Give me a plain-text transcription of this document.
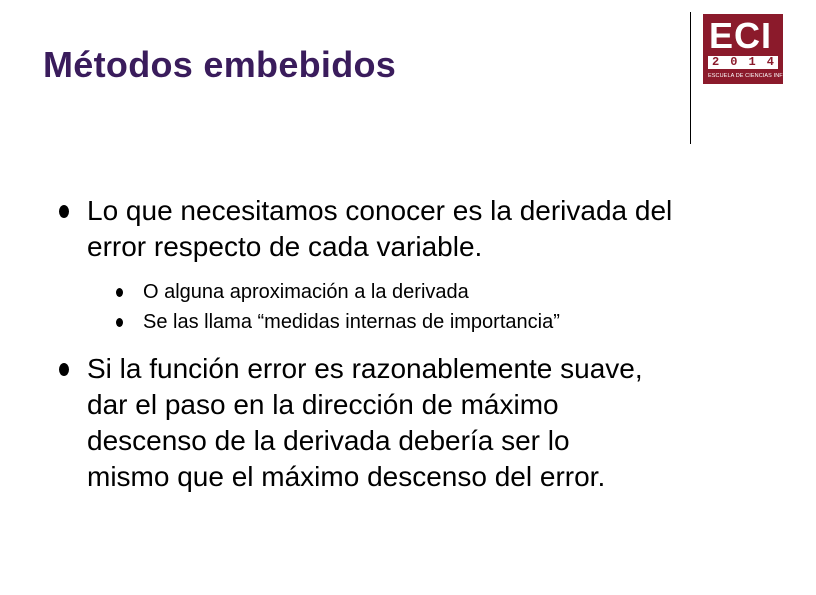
Métodos embebidos
ECI
2 0 1 4
ESCUELA DE CIENCIAS INFORMÁTICAS
Lo que necesitamos conocer es la derivada del error respecto de cada variable.
O alguna aproximación a la derivada
Se las llama “medidas internas de importancia”
Si la función error es razonablemente suave,
dar el paso en la dirección de máximo
descenso de la derivada debería ser lo
mismo que el máximo descenso del error.
